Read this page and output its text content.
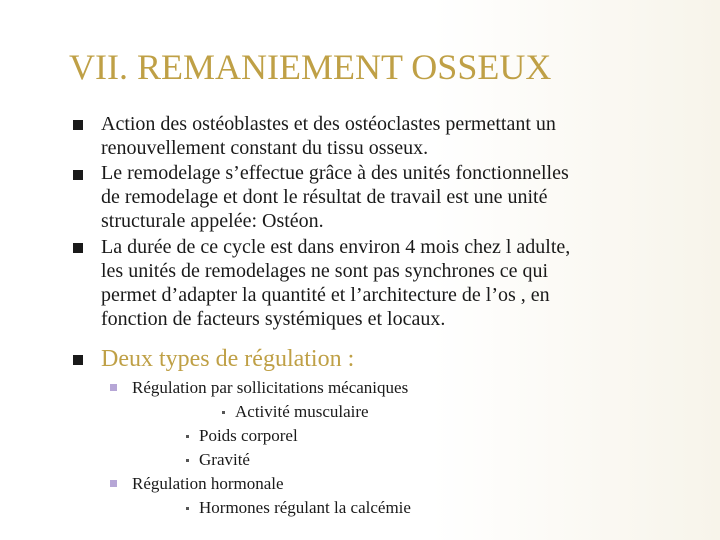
VII. REMANIEMENT OSSEUX
Action des ostéoblastes et des ostéoclastes permettant un
renouvellement constant du tissu osseux.
Le remodelage s’effectue grâce à des unités fonctionnelles
de remodelage et dont le résultat de travail est une unité
structurale appelée: Ostéon.
La durée de ce cycle est dans environ 4 mois chez l adulte,
les unités de remodelages ne sont pas synchrones ce qui
permet d’adapter la quantité et l’architecture de l’os , en
fonction de facteurs systémiques et locaux.
Deux types de régulation :
Régulation par sollicitations mécaniques
Activité musculaire
Poids corporel
Gravité
Régulation hormonale
Hormones régulant la calcémie
